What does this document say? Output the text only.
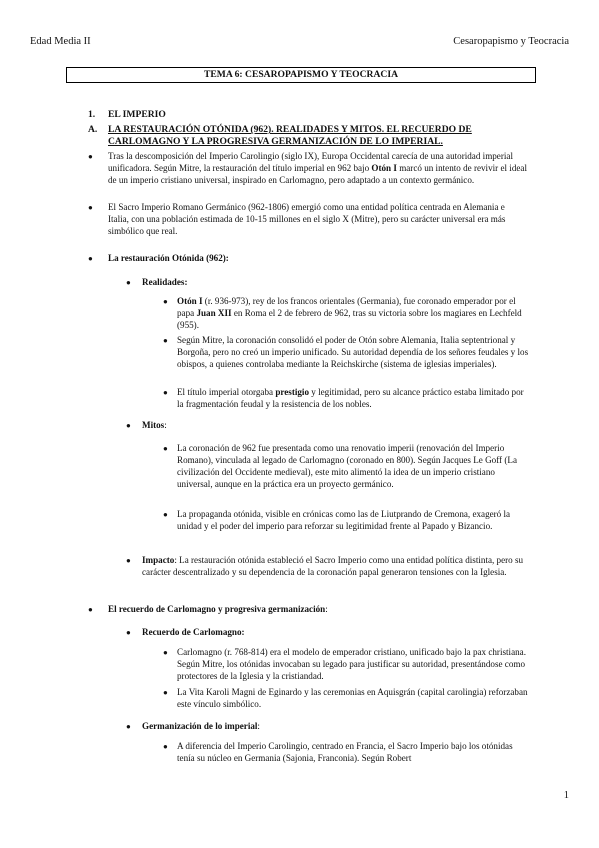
Edad Media II	Cesaropapismo y Teocracia
TEMA 6: CESAROPAPISMO Y TEOCRACIA
1. EL IMPERIO
A. LA RESTAURACIÓN OTÓNIDA (962). REALIDADES Y MITOS. EL RECUERDO DE CARLOMAGNO Y LA PROGRESIVA GERMANIZACIÓN DE LO IMPERIAL.
●	Tras la descomposición del Imperio Carolingio (siglo IX), Europa Occidental carecía de una autoridad imperial unificadora. Según Mitre, la restauración del título imperial en 962 bajo Otón I marcó un intento de revivir el ideal de un imperio cristiano universal, inspirado en Carlomagno, pero adaptado a un contexto germánico.
●	El Sacro Imperio Romano Germánico (962-1806) emergió como una entidad política centrada en Alemania e Italia, con una población estimada de 10-15 millones en el siglo X (Mitre), pero su carácter universal era más simbólico que real.
●	La restauración Otónida (962):
●	Realidades:
●	Otón I (r. 936-973), rey de los francos orientales (Germania), fue coronado emperador por el papa Juan XII en Roma el 2 de febrero de 962, tras su victoria sobre los magiares en Lechfeld (955).
●	Según Mitre, la coronación consolidó el poder de Otón sobre Alemania, Italia septentrional y Borgoña, pero no creó un imperio unificado. Su autoridad dependía de los señores feudales y los obispos, a quienes controlaba mediante la Reichskirche (sistema de iglesias imperiales).
●	El título imperial otorgaba prestigio y legitimidad, pero su alcance práctico estaba limitado por la fragmentación feudal y la resistencia de los nobles.
●	Mitos:
●	La coronación de 962 fue presentada como una renovatio imperii (renovación del Imperio Romano), vinculada al legado de Carlomagno (coronado en 800). Según Jacques Le Goff (La civilización del Occidente medieval), este mito alimentó la idea de un imperio cristiano universal, aunque en la práctica era un proyecto germánico.
●	La propaganda otónida, visible en crónicas como las de Liutprando de Cremona, exageró la unidad y el poder del imperio para reforzar su legitimidad frente al Papado y Bizancio.
●	Impacto: La restauración otónida estableció el Sacro Imperio como una entidad política distinta, pero su carácter descentralizado y su dependencia de la coronación papal generaron tensiones con la Iglesia.
●	El recuerdo de Carlomagno y progresiva germanización:
●	Recuerdo de Carlomagno:
●	Carlomagno (r. 768-814) era el modelo de emperador cristiano, unificado bajo la pax christiana. Según Mitre, los otónidas invocaban su legado para justificar su autoridad, presentándose como protectores de la Iglesia y la cristiandad.
●	La Vita Karoli Magni de Eginardo y las ceremonias en Aquisgrán (capital carolingia) reforzaban este vínculo simbólico.
●	Germanización de lo imperial:
●	A diferencia del Imperio Carolingio, centrado en Francia, el Sacro Imperio bajo los otónidas tenía su núcleo en Germania (Sajonia, Franconia). Según Robert
1
